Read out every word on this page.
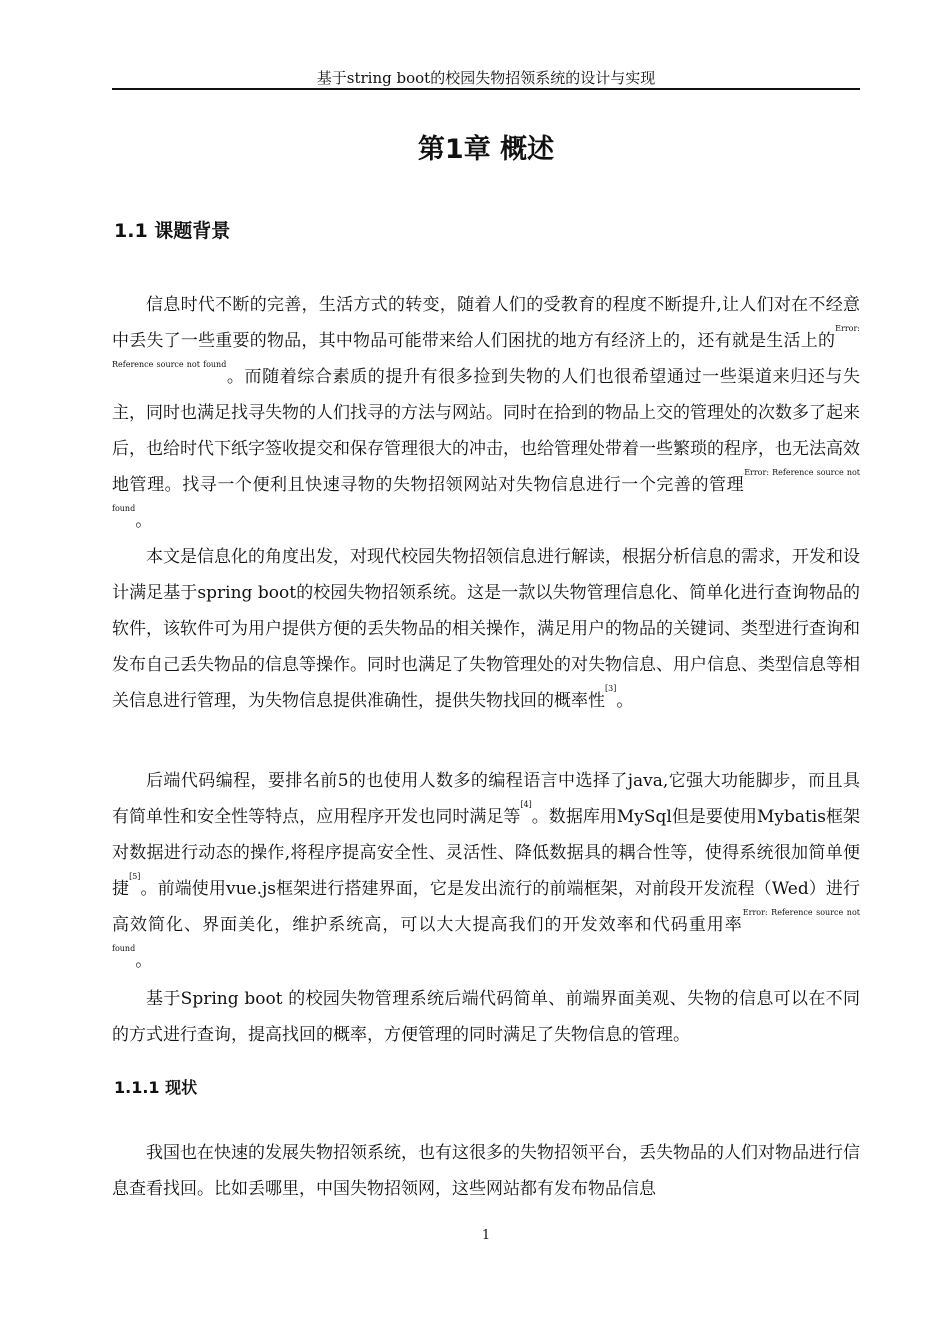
基于string boot的校园失物招领系统的设计与实现
第1章 概述
1.1 课题背景

信息时代不断的完善，生活方式的转变，随着人们的受教育的程度不断提升,让人们对在不经意中丢失了一些重要的物品，其中物品可能带来给人们困扰的地方有经济上的，还有就是生活上的$^{Error: Reference source not found}$。而随着综合素质的提升有很多捡到失物的人们也很希望通过一些渠道来归还与失主，同时也满足找寻失物的人们找寻的方法与网站。同时在拾到的物品上交的管理处的次数多了起来后，也给时代下纸字签收提交和保存管理很大的冲击，也给管理处带着一些繁琐的程序，也无法高效地管理。找寻一个便利且快速寻物的失物招领网站对失物信息进行一个完善的管理$^{Error: Reference source not found}$。

本文是信息化的角度出发，对现代校园失物招领信息进行解读，根据分析信息的需求，开发和设计满足基于spring boot的校园失物招领系统。这是一款以失物管理信息化、简单化进行查询物品的软件，该软件可为用户提供方便的丢失物品的相关操作，满足用户的物品的关键词、类型进行查询和发布自己丢失物品的信息等操作。同时也满足了失物管理处的对失物信息、用户信息、类型信息等相关信息进行管理，为失物信息提供准确性，提供失物找回的概率性[3]。

后端代码编程，要排名前5的也使用人数多的编程语言中选择了java,它强大功能脚步，而且具有简单性和安全性等特点，应用程序开发也同时满足等[4]。数据库用MySql但是要使用Mybatis框架对数据进行动态的操作,将程序提高安全性、灵活性、降低数据具的耦合性等，使得系统很加简单便捷[5]。前端使用vue.js框架进行搭建界面，它是发出流行的前端框架，对前段开发流程（Wed）进行高效简化、界面美化，维护系统高，可以大大提高我们的开发效率和代码重用率$^{Error: Reference source not found}$。

基于Spring boot 的校园失物管理系统后端代码简单、前端界面美观、失物的信息可以在不同的方式进行查询，提高找回的概率，方便管理的同时满足了失物信息的管理。

1.1.1 现状

我国也在快速的发展失物招领系统，也有这很多的失物招领平台，丢失物品的人们对物品进行信息查看找回。比如丢哪里，中国失物招领网，这些网站都有发布物品信息

1
